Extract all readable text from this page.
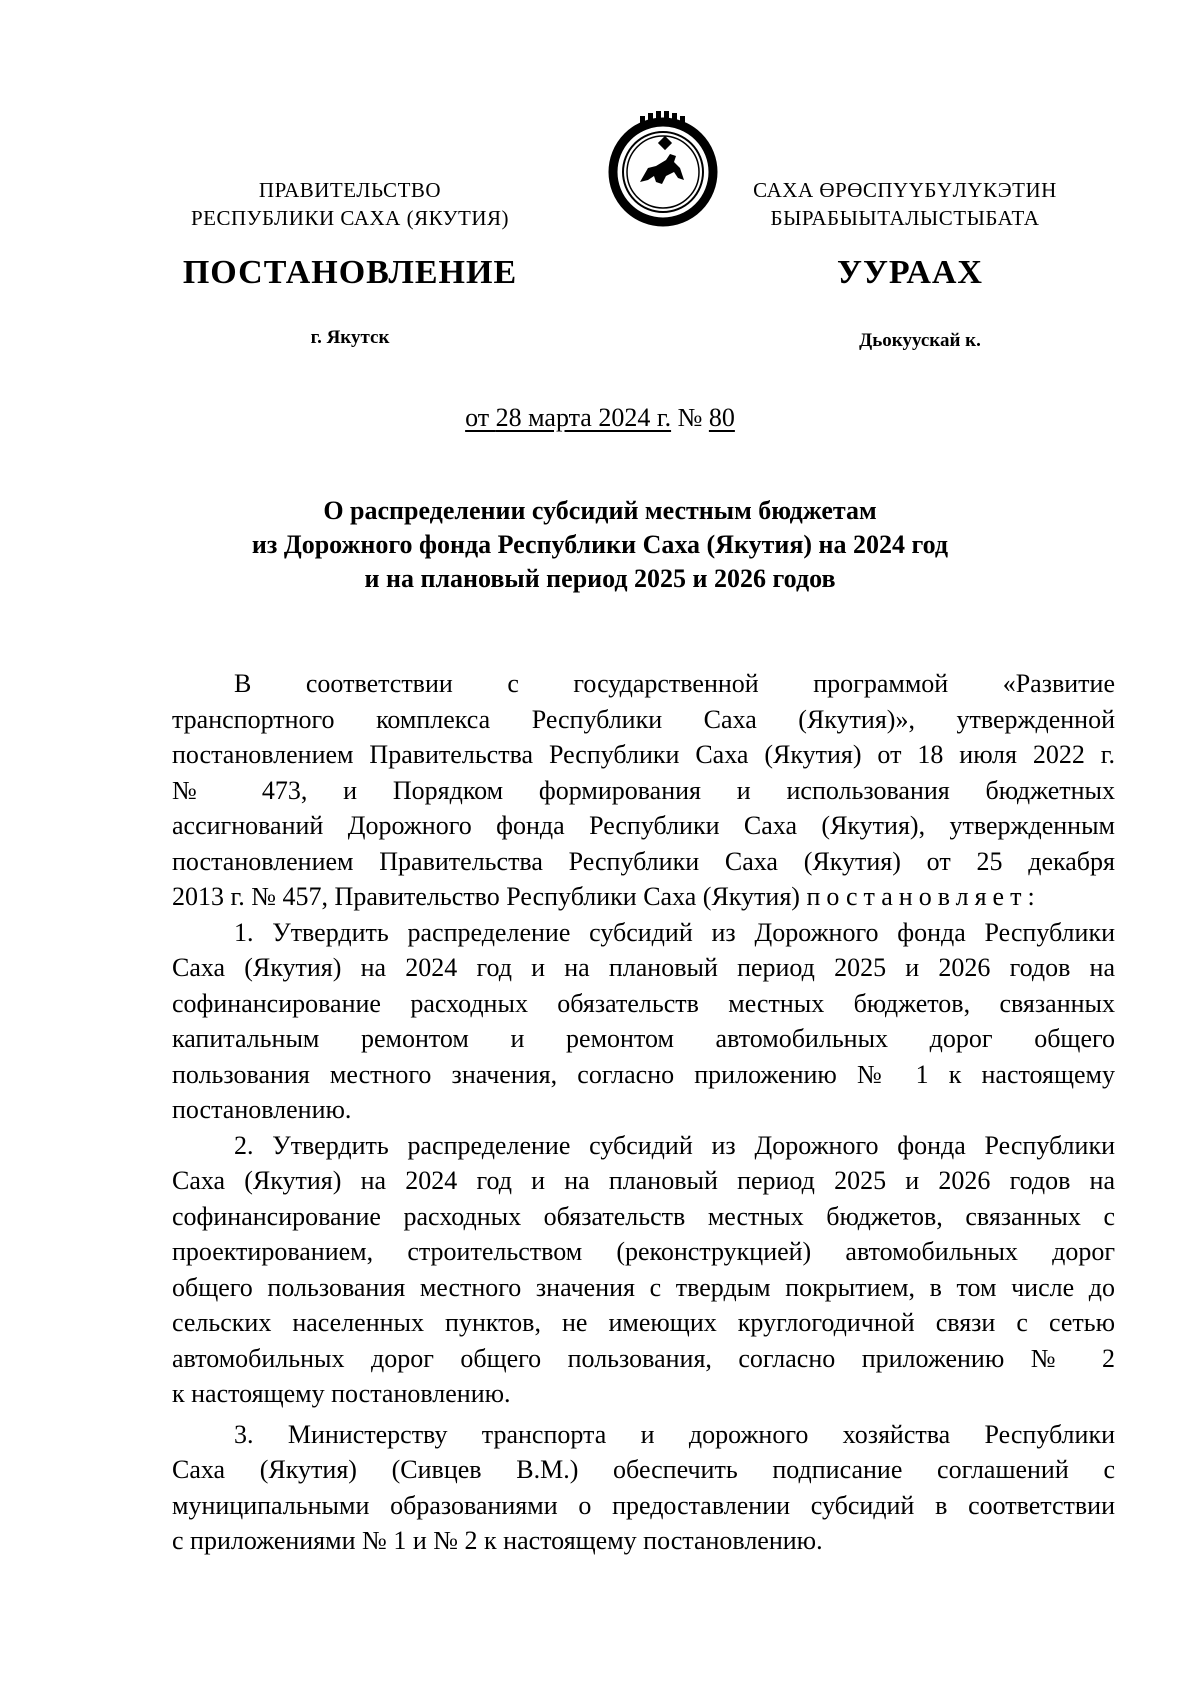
ПРАВИТЕЛЬСТВО
РЕСПУБЛИКИ САХА (ЯКУТИЯ)
САХА ӨРӨСПҮҮБҮЛҮКЭТИН
БЫРАБЫЫТАЛЫСТЫБАТА
ПОСТАНОВЛЕНИЕ	УУРААХ
г. Якутск	Дьокуускай к.
от 28 марта 2024 г. № 80
О распределении субсидий местным бюджетам
из Дорожного фонда Республики Саха (Якутия) на 2024 год
и на плановый период 2025 и 2026 годов
В соответствии с государственной программой «Развитие
транспортного комплекса Республики Саха (Якутия)», утвержденной
постановлением Правительства Республики Саха (Якутия) от 18 июля 2022 г.
№ 473, и Порядком формирования и использования бюджетных
ассигнований Дорожного фонда Республики Саха (Якутия), утвержденным
постановлением Правительства Республики Саха (Якутия) от 25 декабря
2013 г. № 457, Правительство Республики Саха (Якутия) постановляет:
1. Утвердить распределение субсидий из Дорожного фонда Республики
Саха (Якутия) на 2024 год и на плановый период 2025 и 2026 годов на
софинансирование расходных обязательств местных бюджетов, связанных
капитальным ремонтом и ремонтом автомобильных дорог общего
пользования местного значения, согласно приложению № 1 к настоящему
постановлению.
2. Утвердить распределение субсидий из Дорожного фонда Республики
Саха (Якутия) на 2024 год и на плановый период 2025 и 2026 годов на
софинансирование расходных обязательств местных бюджетов, связанных с
проектированием, строительством (реконструкцией) автомобильных дорог
общего пользования местного значения с твердым покрытием, в том числе до
сельских населенных пунктов, не имеющих круглогодичной связи с сетью
автомобильных дорог общего пользования, согласно приложению № 2
к настоящему постановлению.
3. Министерству транспорта и дорожного хозяйства Республики
Саха (Якутия) (Сивцев В.М.) обеспечить подписание соглашений с
муниципальными образованиями о предоставлении субсидий в соответствии
с приложениями № 1 и № 2 к настоящему постановлению.
